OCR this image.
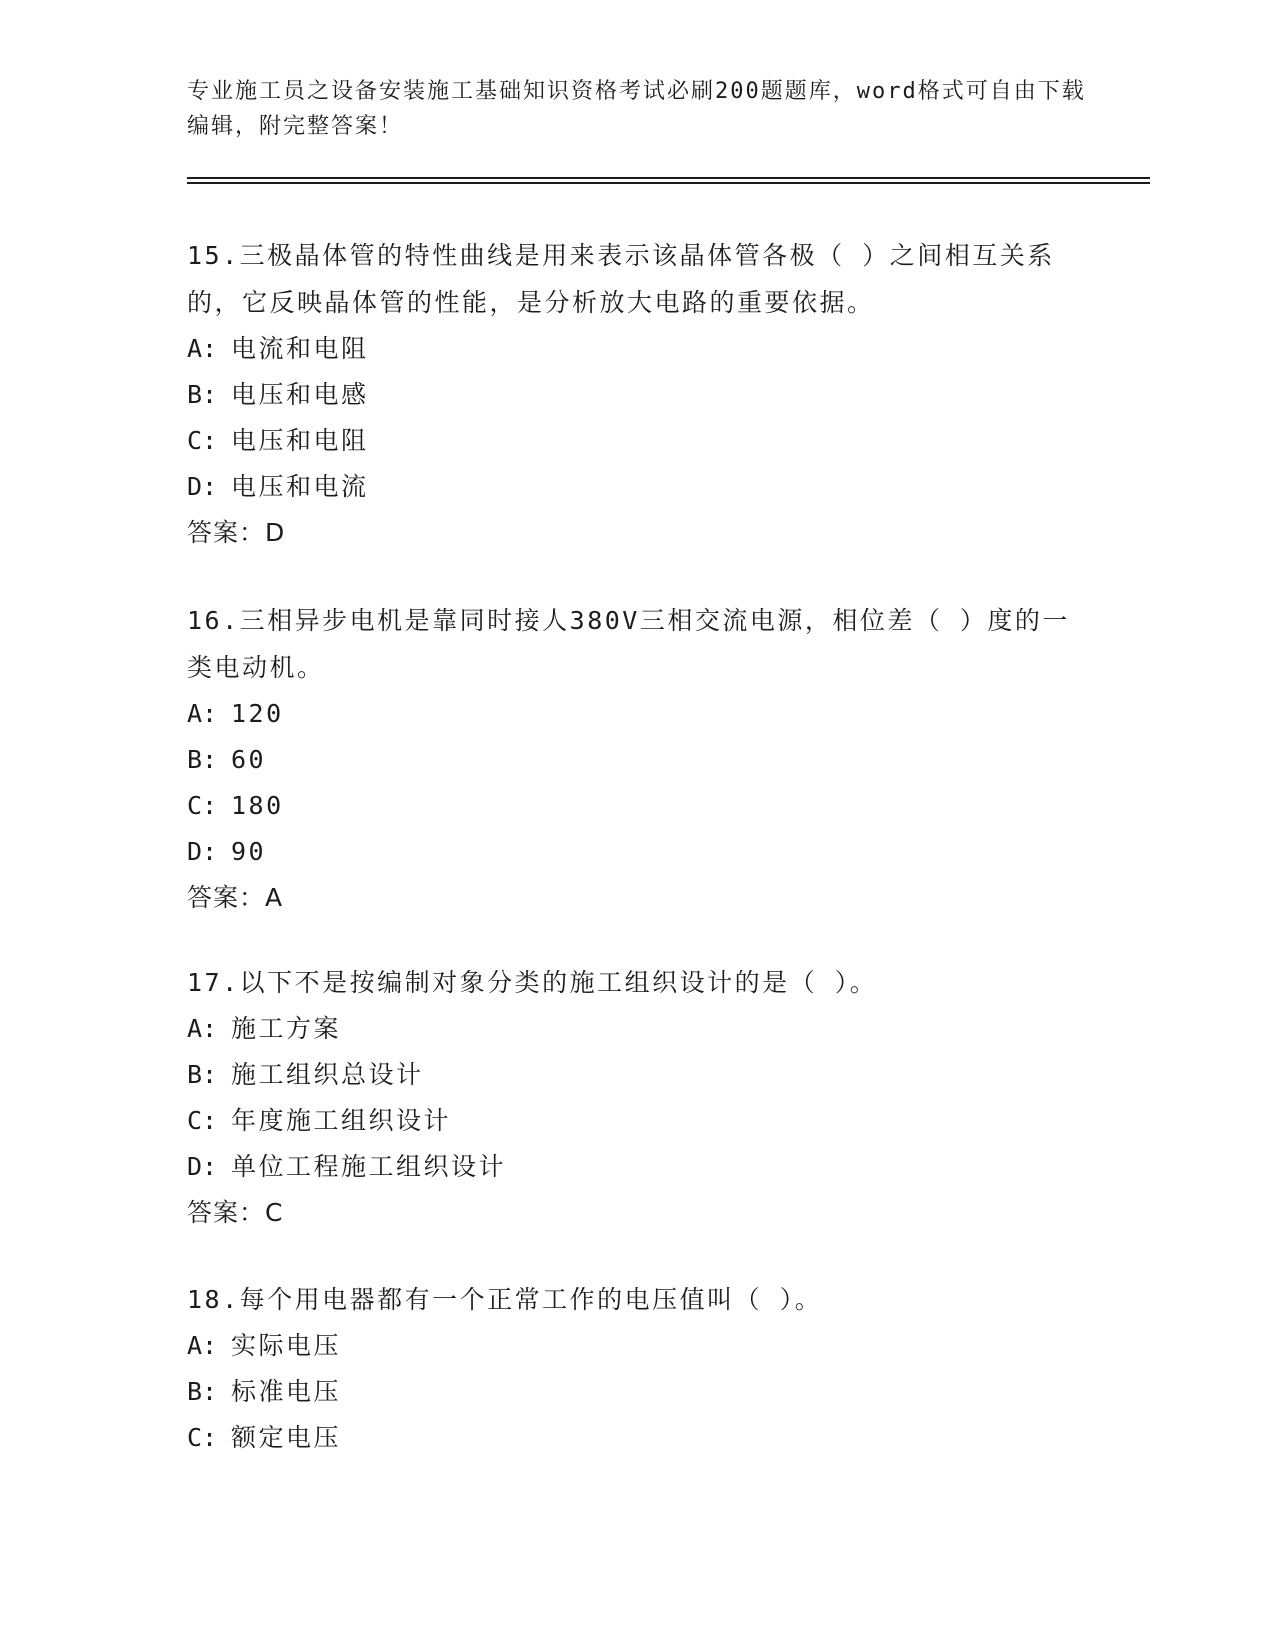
专业施工员之设备安装施工基础知识资格考试必刷200题题库，word格式可自由下载编辑，附完整答案！
15.三极晶体管的特性曲线是用来表示该晶体管各极（ ）之间相互关系的，它反映晶体管的性能，是分析放大电路的重要依据。
A: 电流和电阻
B: 电压和电感
C: 电压和电阻
D: 电压和电流
答案：D
16.三相异步电机是靠同时接人380V三相交流电源，相位差（ ）度的一类电动机。
A: 120
B: 60
C: 180
D: 90
答案：A
17.以下不是按编制对象分类的施工组织设计的是（ ）。
A: 施工方案
B: 施工组织总设计
C: 年度施工组织设计
D: 单位工程施工组织设计
答案：C
18.每个用电器都有一个正常工作的电压值叫（ ）。
A: 实际电压
B: 标准电压
C: 额定电压
